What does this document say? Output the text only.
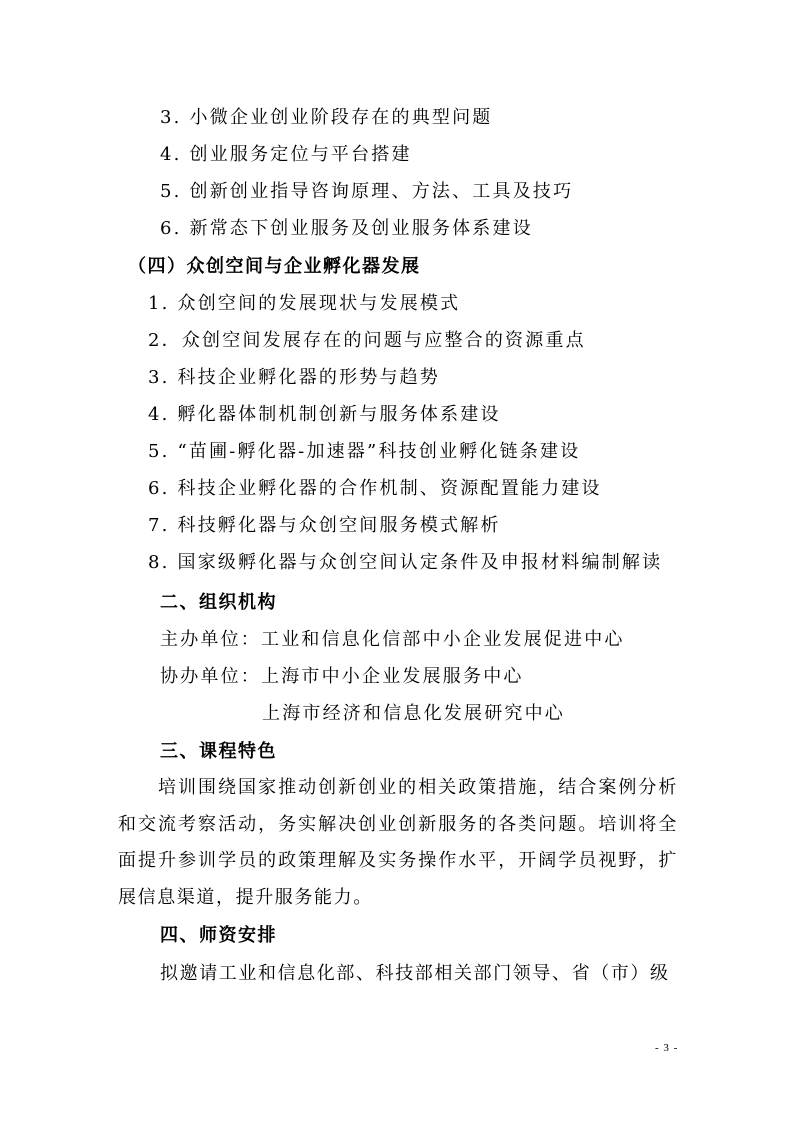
3. 小微企业创业阶段存在的典型问题
4. 创业服务定位与平台搭建
5. 创新创业指导咨询原理、方法、工具及技巧
6. 新常态下创业服务及创业服务体系建设
（四）众创空间与企业孵化器发展
1. 众创空间的发展现状与发展模式
2．众创空间发展存在的问题与应整合的资源重点
3. 科技企业孵化器的形势与趋势
4. 孵化器体制机制创新与服务体系建设
5. “苗圃-孵化器-加速器”科技创业孵化链条建设
6. 科技企业孵化器的合作机制、资源配置能力建设
7. 科技孵化器与众创空间服务模式解析
8. 国家级孵化器与众创空间认定条件及申报材料编制解读
二、组织机构
主办单位：工业和信息化信部中小企业发展促进中心
协办单位：上海市中小企业发展服务中心
上海市经济和信息化发展研究中心
三、课程特色
培训围绕国家推动创新创业的相关政策措施，结合案例分析和交流考察活动，务实解决创业创新服务的各类问题。培训将全面提升参训学员的政策理解及实务操作水平，开阔学员视野，扩展信息渠道，提升服务能力。
四、师资安排
拟邀请工业和信息化部、科技部相关部门领导、省（市）级
- 3 -
